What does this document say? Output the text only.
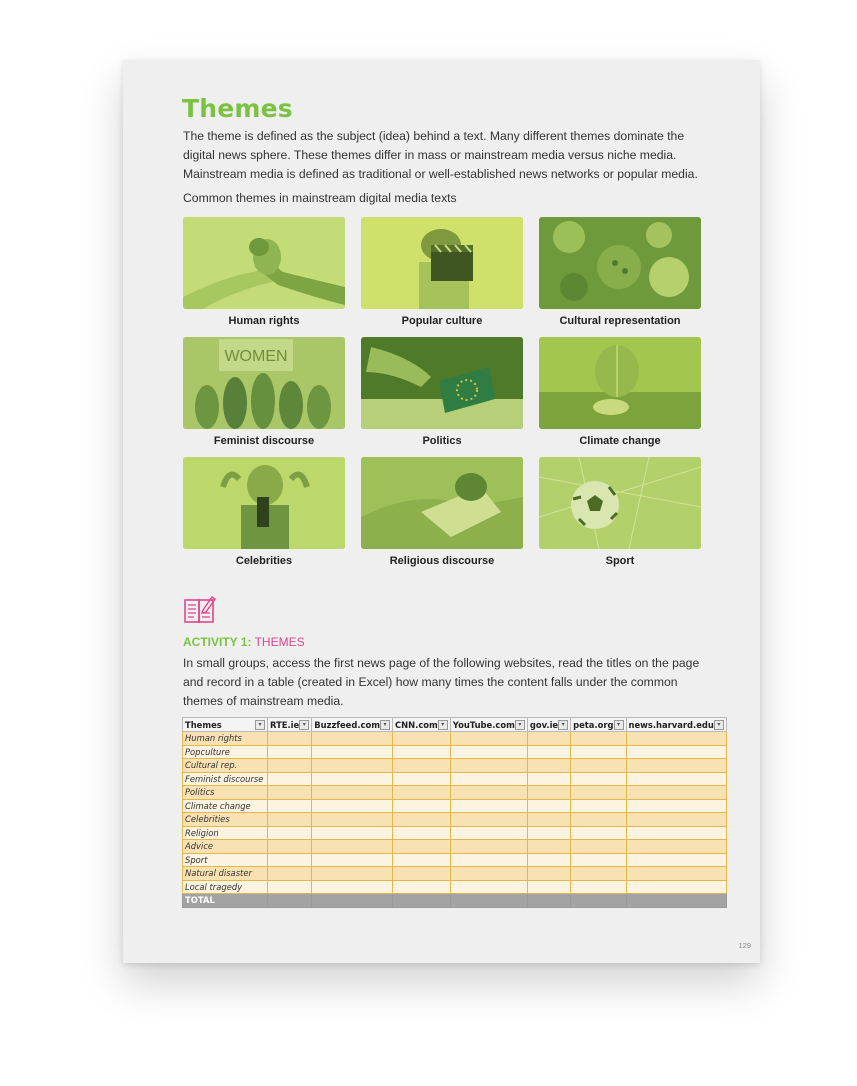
Themes

The theme is defined as the subject (idea) behind a text. Many different themes dominate the digital news sphere. These themes differ in mass or mainstream media versus niche media. Mainstream media is defined as traditional or well-established news networks or popular media.

Common themes in mainstream digital media texts

Human rights	Popular culture	Cultural representation
WOMEN
Feminist discourse	Politics	Climate change
Celebrities	Religious discourse	Sport
ACTIVITY 1: THEMES
In small groups, access the first news page of the following websites, read the titles on the page and record in a table (created in Excel) how many times the content falls under the common themes of mainstream media.
Themes ▾	RTE.ie ▾	Buzzfeed.com ▾	CNN.com ▾	YouTube.com ▾	gov.ie ▾	peta.org ▾	news.harvard.edu ▾

Human rights							
Popculture							
Cultural rep.							
Feminist discourse							
Politics							
Climate change							
Celebrities							
Religion							
Advice							
Sport							
Natural disaster							
Local tragedy							
TOTAL							
129
